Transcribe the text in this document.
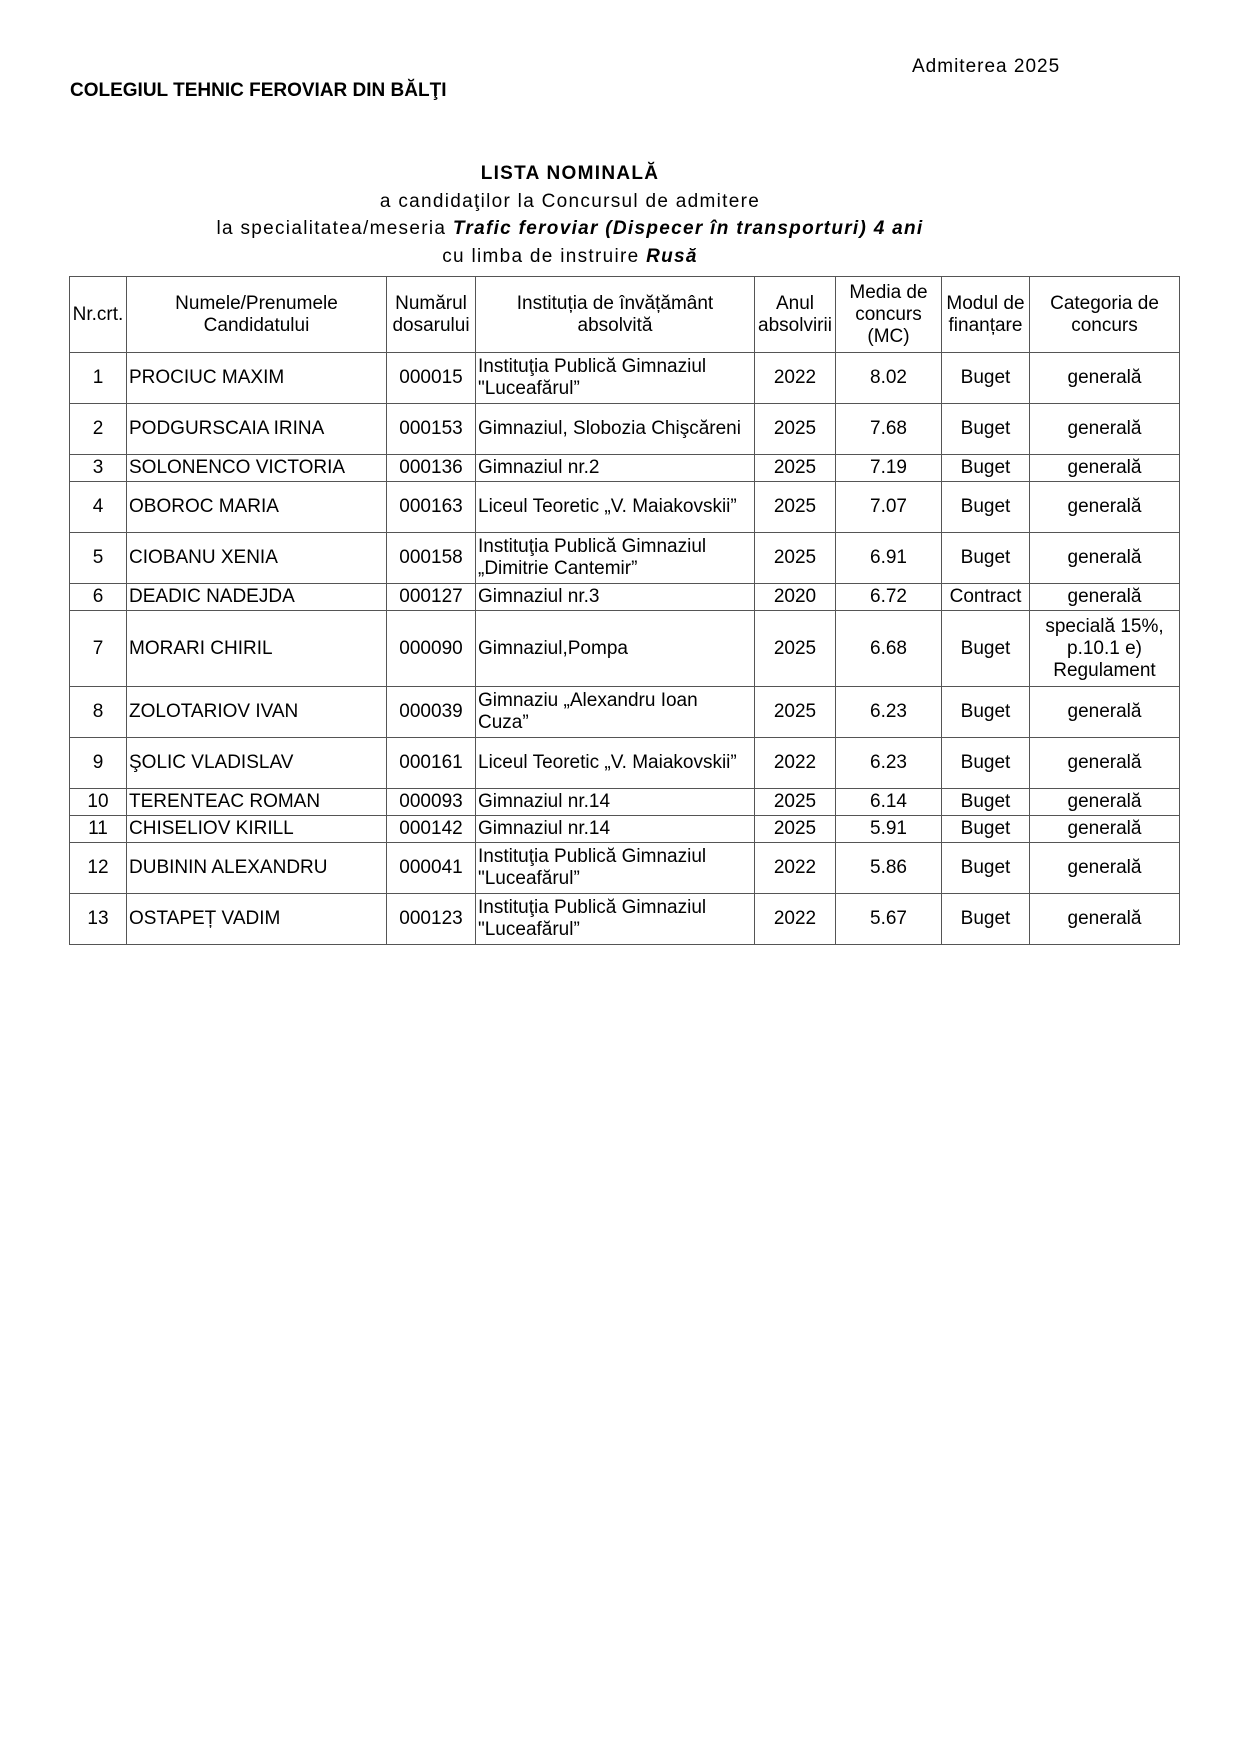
Admiterea 2025
COLEGIUL TEHNIC FEROVIAR DIN BĂLŢI
LISTA NOMINALĂ
a candidaţilor la Concursul de admitere
la specialitatea/meseria Trafic feroviar (Dispecer în transporturi) 4 ani
cu limba de instruire Rusă
Nr.crt.	Numele/Prenumele Candidatului	Numărul dosarului	Instituția de învățământ absolvită	Anul absolvirii	Media de concurs (MC)	Modul de finanțare	Categoria de concurs
1	PROCIUC MAXIM	000015	Instituţia Publică Gimnaziul "Luceafărul”	2022	8.02	Buget	generală
2	PODGURSCAIA IRINA	000153	Gimnaziul, Slobozia Chişcăreni	2025	7.68	Buget	generală
3	SOLONENCO VICTORIA	000136	Gimnaziul nr.2	2025	7.19	Buget	generală
4	OBOROC MARIA	000163	Liceul Teoretic „V. Maiakovskii”	2025	7.07	Buget	generală
5	CIOBANU XENIA	000158	Instituţia Publică Gimnaziul „Dimitrie Cantemir”	2025	6.91	Buget	generală
6	DEADIC NADEJDA	000127	Gimnaziul nr.3	2020	6.72	Contract	generală
7	MORARI CHIRIL	000090	Gimnaziul,Pompa	2025	6.68	Buget	specială 15%, p.10.1 e) Regulament
8	ZOLOTARIOV IVAN	000039	Gimnaziu „Alexandru Ioan Cuza”	2025	6.23	Buget	generală
9	ŞOLIC VLADISLAV	000161	Liceul Teoretic „V. Maiakovskii”	2022	6.23	Buget	generală
10	TERENTEAC ROMAN	000093	Gimnaziul nr.14	2025	6.14	Buget	generală
11	CHISELIOV KIRILL	000142	Gimnaziul nr.14	2025	5.91	Buget	generală
12	DUBININ ALEXANDRU	000041	Instituţia Publică Gimnaziul "Luceafărul”	2022	5.86	Buget	generală
13	OSTAPEȚ VADIM	000123	Instituţia Publică Gimnaziul "Luceafărul”	2022	5.67	Buget	generală
